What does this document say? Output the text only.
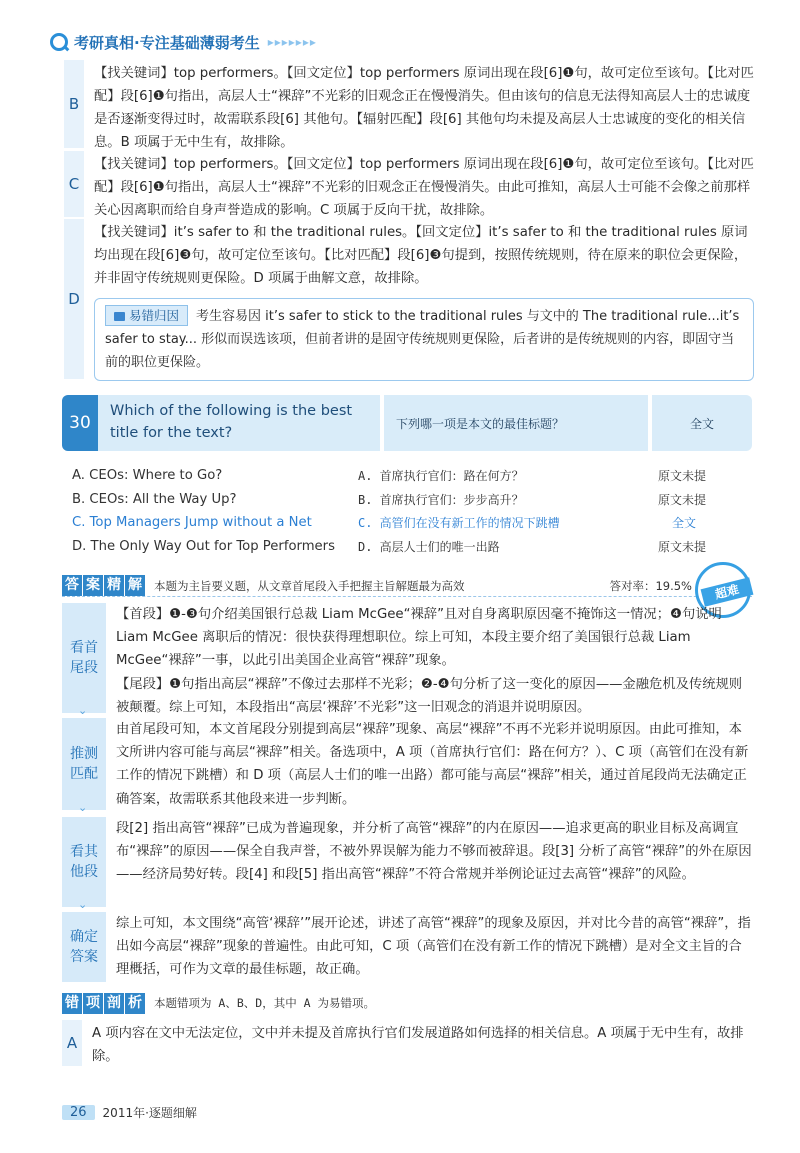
考研真相·专注基础薄弱考生 ▸▸▸▸▸▸▸
B
【找关键词】top performers。【回文定位】top performers 原词出现在段[6]❶句，故可定位至该句。【比对匹配】段[6]❶句指出，高层人士“裸辞”不光彩的旧观念正在慢慢消失。但由该句的信息无法得知高层人士的忠诚度是否逐渐变得过时，故需联系段[6] 其他句。【辐射匹配】段[6] 其他句均未提及高层人士忠诚度的变化的相关信息。B 项属于无中生有，故排除。
C
【找关键词】top performers。【回文定位】top performers 原词出现在段[6]❶句，故可定位至该句。【比对匹配】段[6]❶句指出，高层人士“裸辞”不光彩的旧观念正在慢慢消失。由此可推知，高层人士可能不会像之前那样关心因离职而给自身声誉造成的影响。C 项属于反向干扰，故排除。
D
【找关键词】it’s safer to 和 the traditional rules。【回文定位】it’s safer to 和 the traditional rules 原词均出现在段[6]❸句，故可定位至该句。【比对匹配】段[6]❸句提到，按照传统规则，待在原来的职位会更保险，并非固守传统规则更保险。D 项属于曲解文意，故排除。
易错归因 考生容易因 it’s safer to stick to the traditional rules 与文中的 The traditional rule...it’s safer to stay... 形似而误选该项，但前者讲的是固守传统规则更保险，后者讲的是传统规则的内容，即固守当前的职位更保险。
30
Which of the following is the best title for the text?
下列哪一项是本文的最佳标题？	全文
A. CEOs: Where to Go?	A. 首席执行官们：路在何方？	原文未提
B. CEOs: All the Way Up?	B. 首席执行官们：步步高升？	原文未提
C. Top Managers Jump without a Net	C. 高管们在没有新工作的情况下跳槽	全文
D. The Only Way Out for Top Performers	D. 高层人士们的唯一出路	原文未提
答 案 精 解 本题为主旨要义题，从文章首尾段入手把握主旨解题最为高效	答对率：19.5%	超难
看首尾段
⌄

【首段】❶-❸句介绍美国银行总裁 Liam McGee“裸辞”且对自身离职原因毫不掩饰这一情况；❹句说明 Liam McGee 离职后的情况：很快获得理想职位。综上可知，本段主要介绍了美国银行总裁 Liam McGee“裸辞”一事，以此引出美国企业高管“裸辞”现象。

【尾段】❶句指出高层“裸辞”不像过去那样不光彩；❷-❹句分析了这一变化的原因——金融危机及传统规则被颠覆。综上可知，本段指出“高层‘裸辞’不光彩”这一旧观念的消退并说明原因。

推测匹配
⌄

由首尾段可知，本文首尾段分别提到高层“裸辞”现象、高层“裸辞”不再不光彩并说明原因。由此可推知，本文所讲内容可能与高层“裸辞”相关。备选项中，A 项（首席执行官们：路在何方？）、C 项（高管们在没有新工作的情况下跳槽）和 D 项（高层人士们的唯一出路）都可能与高层“裸辞”相关，通过首尾段尚无法确定正确答案，故需联系其他段来进一步判断。

看其他段
⌄

段[2] 指出高管“裸辞”已成为普遍现象，并分析了高管“裸辞”的内在原因——追求更高的职业目标及高调宣布“裸辞”的原因——保全自我声誉，不被外界误解为能力不够而被辞退。段[3] 分析了高管“裸辞”的外在原因——经济局势好转。段[4] 和段[5] 指出高管“裸辞”不符合常规并举例论证过去高管“裸辞”的风险。

确定答案

综上可知，本文围绕“高管‘裸辞’”展开论述，讲述了高管“裸辞”的现象及原因，并对比今昔的高管“裸辞”，指出如今高层“裸辞”现象的普遍性。由此可知，C 项（高管们在没有新工作的情况下跳槽）是对全文主旨的合理概括，可作为文章的最佳标题，故正确。

错 项 剖 析 本题错项为 A、B、D，其中 A 为易错项。
A
A 项内容在文中无法定位，文中并未提及首席执行官们发展道路如何选择的相关信息。A 项属于无中生有，故排除。
26	2011年·逐题细解
